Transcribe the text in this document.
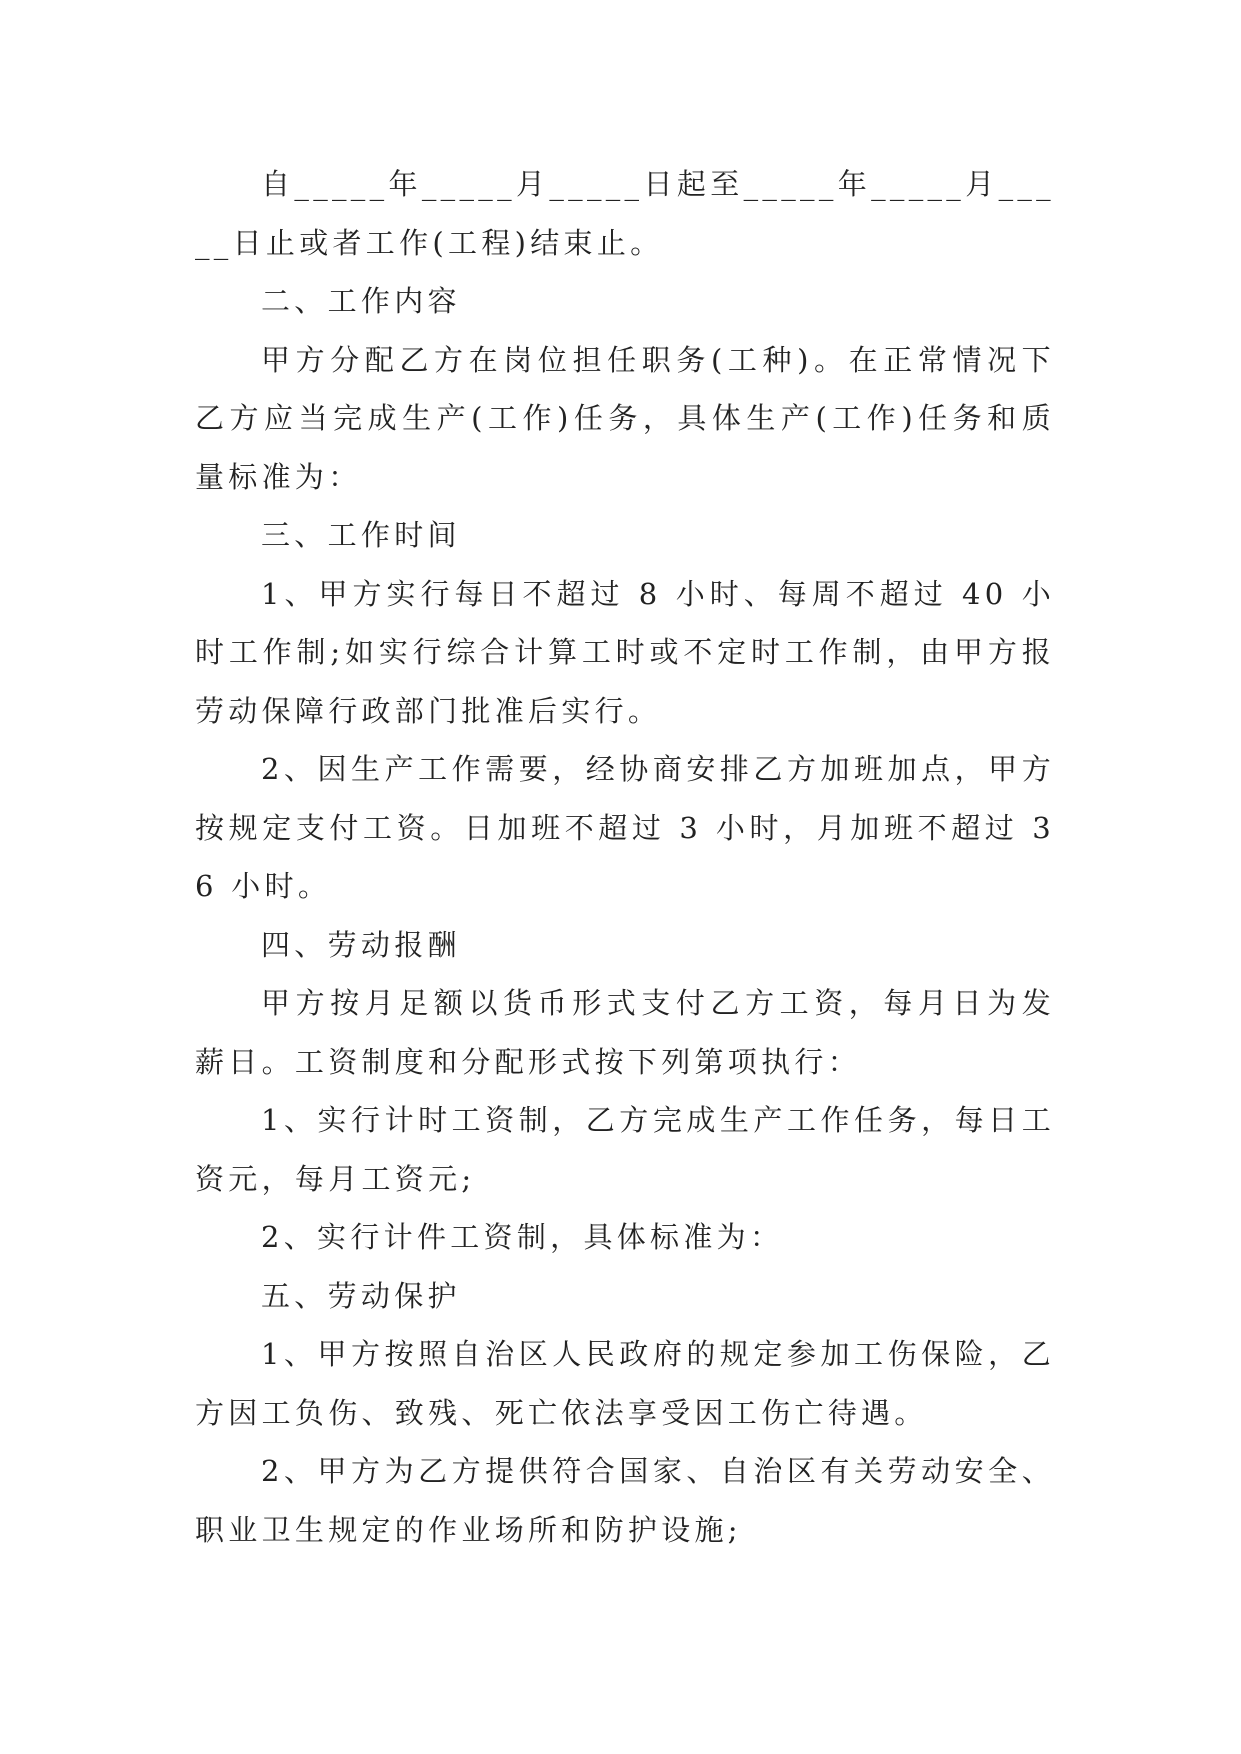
自_____年_____月_____日起至_____年_____月_____日止或者工作(工程)结束止。

二、工作内容

甲方分配乙方在岗位担任职务(工种)。在正常情况下乙方应当完成生产(工作)任务，具体生产(工作)任务和质量标准为：

三、工作时间

1、甲方实行每日不超过 8 小时、每周不超过 40 小时工作制;如实行综合计算工时或不定时工作制，由甲方报劳动保障行政部门批准后实行。

2、因生产工作需要，经协商安排乙方加班加点，甲方按规定支付工资。日加班不超过 3 小时，月加班不超过 36 小时。

四、劳动报酬

甲方按月足额以货币形式支付乙方工资，每月日为发薪日。工资制度和分配形式按下列第项执行：

1、实行计时工资制，乙方完成生产工作任务，每日工资元，每月工资元;

2、实行计件工资制，具体标准为：

五、劳动保护

1、甲方按照自治区人民政府的规定参加工伤保险，乙方因工负伤、致残、死亡依法享受因工伤亡待遇。

2、甲方为乙方提供符合国家、自治区有关劳动安全、职业卫生规定的作业场所和防护设施;
